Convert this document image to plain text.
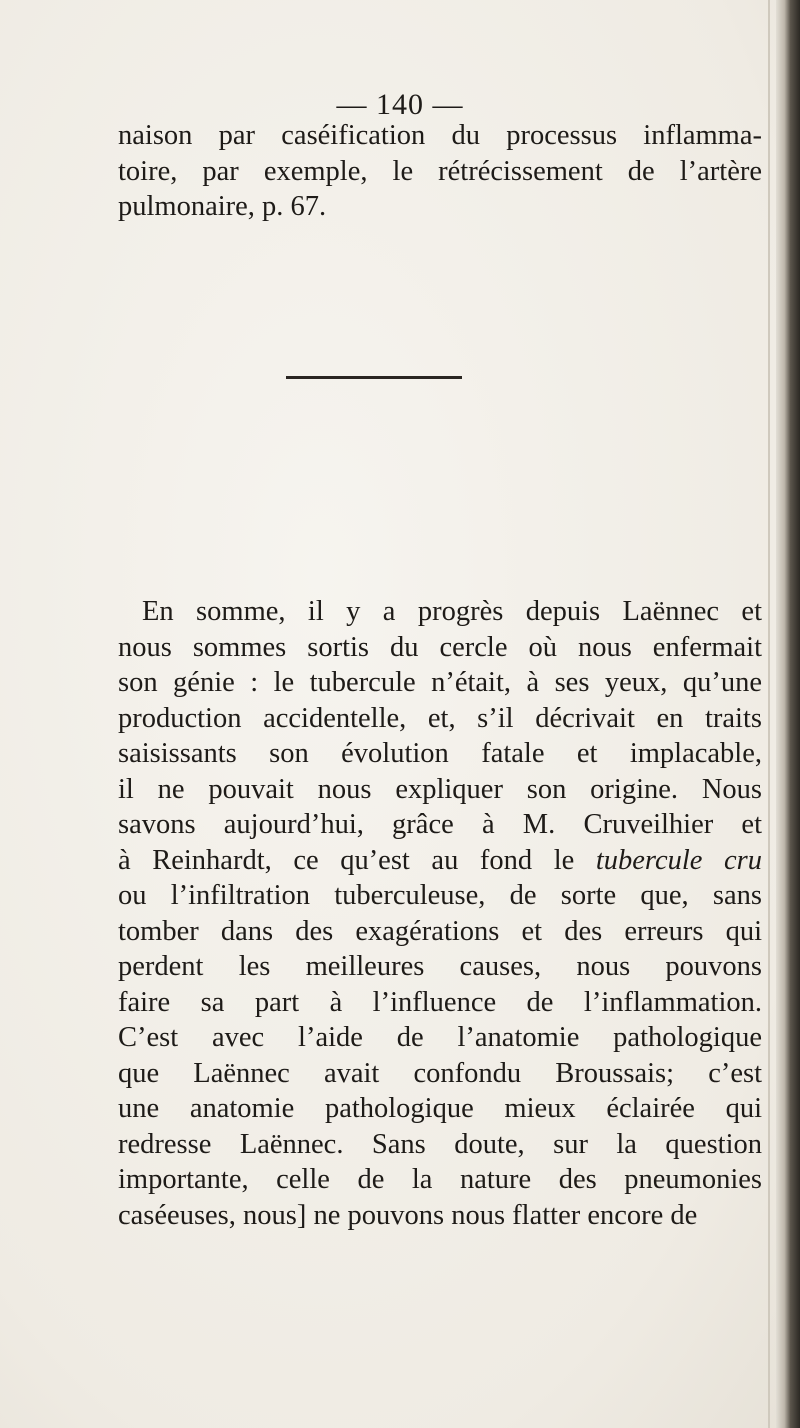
— 140 —
naison par caséification du processus inflamma-
toire, par exemple, le rétrécissement de l’artère
pulmonaire, p. 67.
En somme, il y a progrès depuis Laënnec et
nous sommes sortis du cercle où nous enfermait
son génie : le tubercule n’était, à ses yeux, qu’une
production accidentelle, et, s’il décrivait en traits
saisissants son évolution fatale et implacable,
il ne pouvait nous expliquer son origine. Nous
savons aujourd’hui, grâce à M. Cruveilhier et
à Reinhardt, ce qu’est au fond le tubercule cru
ou l’infiltration tuberculeuse, de sorte que, sans
tomber dans des exagérations et des erreurs qui
perdent les meilleures causes, nous pouvons
faire sa part à l’influence de l’inflammation.
C’est avec l’aide de l’anatomie pathologique
que Laënnec avait confondu Broussais; c’est
une anatomie pathologique mieux éclairée qui
redresse Laënnec. Sans doute, sur la question
importante, celle de la nature des pneumonies
caséeuses, nous] ne pouvons nous flatter encore de
